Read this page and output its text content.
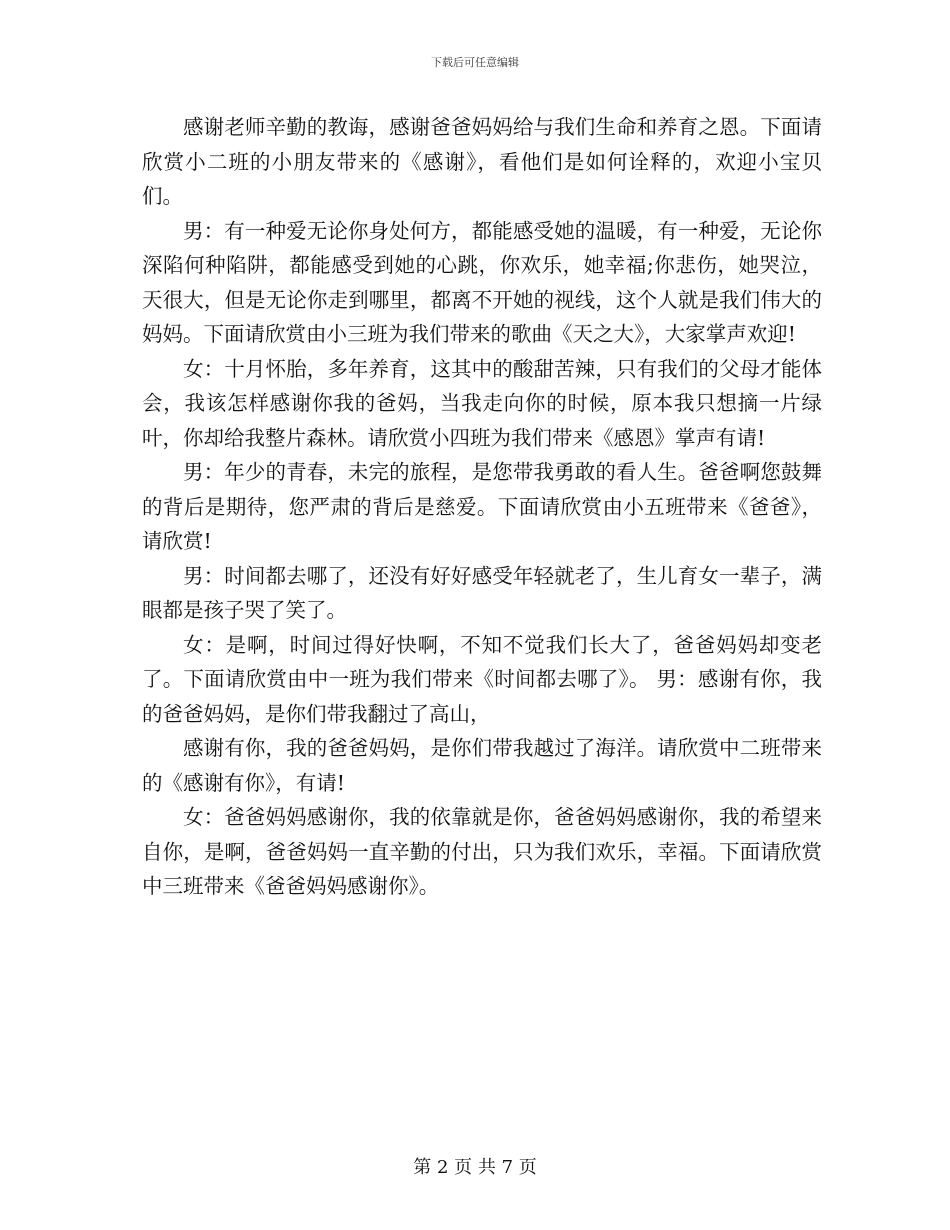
下载后可任意编辑

感谢老师辛勤的教诲，感谢爸爸妈妈给与我们生命和养育之恩。下面请欣赏小二班的小朋友带来的《感谢》，看他们是如何诠释的，欢迎小宝贝们。

男：有一种爱无论你身处何方，都能感受她的温暖，有一种爱，无论你深陷何种陷阱，都能感受到她的心跳，你欢乐，她幸福;你悲伤，她哭泣，天很大，但是无论你走到哪里，都离不开她的视线，这个人就是我们伟大的妈妈。下面请欣赏由小三班为我们带来的歌曲《天之大》，大家掌声欢迎!

女：十月怀胎，多年养育，这其中的酸甜苦辣，只有我们的父母才能体会，我该怎样感谢你我的爸妈，当我走向你的时候，原本我只想摘一片绿叶，你却给我整片森林。请欣赏小四班为我们带来《感恩》掌声有请!

男：年少的青春，未完的旅程，是您带我勇敢的看人生。爸爸啊您鼓舞的背后是期待，您严肃的背后是慈爱。下面请欣赏由小五班带来《爸爸》，请欣赏!

男：时间都去哪了，还没有好好感受年轻就老了，生儿育女一辈子，满眼都是孩子哭了笑了。

女：是啊，时间过得好快啊，不知不觉我们长大了，爸爸妈妈却变老了。下面请欣赏由中一班为我们带来《时间都去哪了》。 男：感谢有你，我的爸爸妈妈，是你们带我翻过了高山，

感谢有你，我的爸爸妈妈，是你们带我越过了海洋。请欣赏中二班带来的《感谢有你》，有请!

女：爸爸妈妈感谢你，我的依靠就是你，爸爸妈妈感谢你，我的希望来自你，是啊，爸爸妈妈一直辛勤的付出，只为我们欢乐，幸福。下面请欣赏中三班带来《爸爸妈妈感谢你》。

第 2 页 共 7 页
